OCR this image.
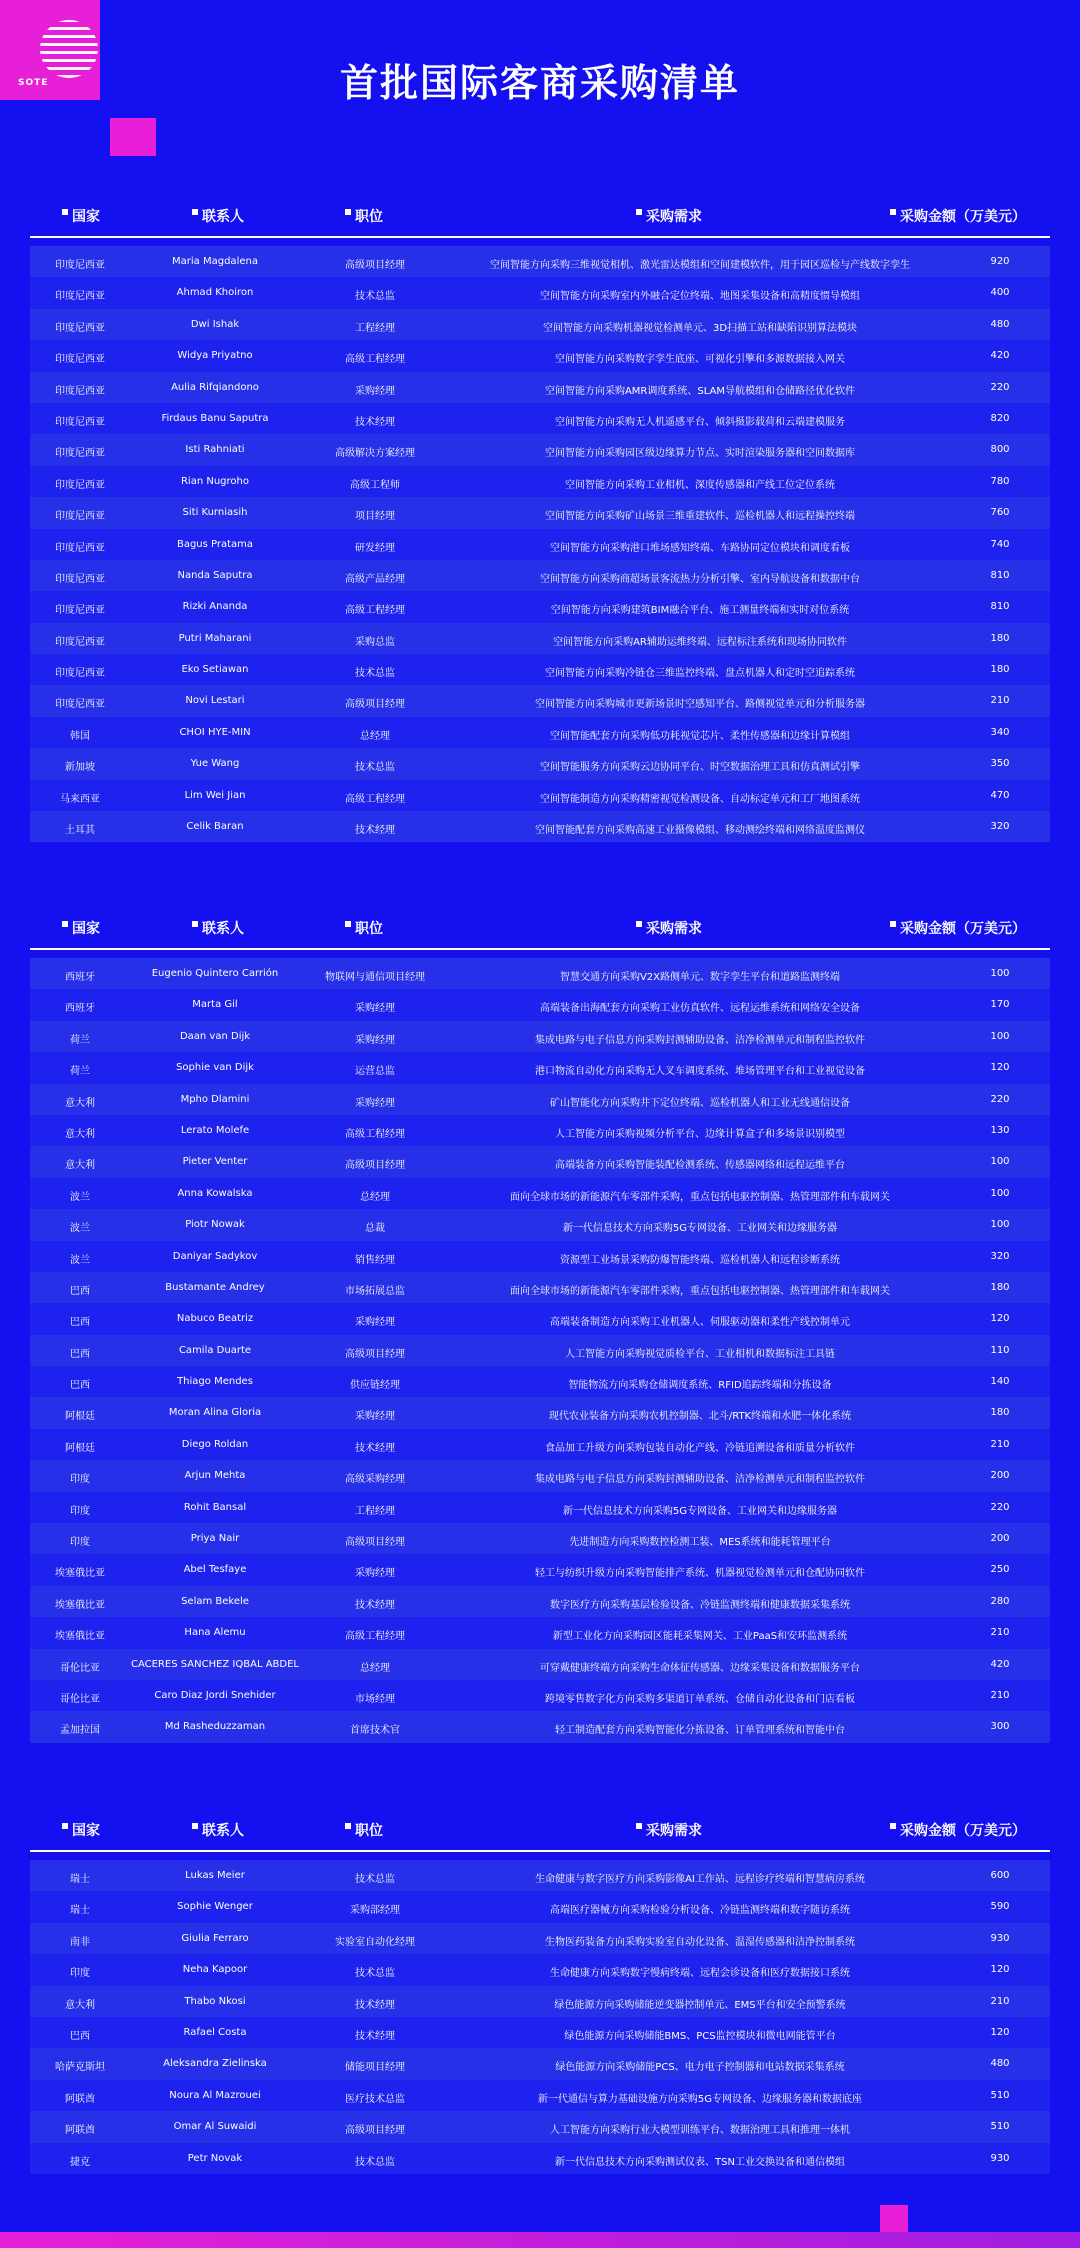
SOTE	首批国际客商采购清单
国家	联系人	职位	采购需求	采购金额（万美元）
印度尼西亚	Maria Magdalena	高级项目经理	空间智能方向采购三维视觉相机、激光雷达模组和空间建模软件，用于园区巡检与产线数字孪生	920
印度尼西亚	Ahmad Khoiron	技术总监	空间智能方向采购室内外融合定位终端、地图采集设备和高精度惯导模组	400
印度尼西亚	Dwi Ishak	工程经理	空间智能方向采购机器视觉检测单元、3D扫描工站和缺陷识别算法模块	480
印度尼西亚	Widya Priyatno	高级工程经理	空间智能方向采购数字孪生底座、可视化引擎和多源数据接入网关	420
印度尼西亚	Aulia Rifqiandono	采购经理	空间智能方向采购AMR调度系统、SLAM导航模组和仓储路径优化软件	220
印度尼西亚	Firdaus Banu Saputra	技术经理	空间智能方向采购无人机遥感平台、倾斜摄影载荷和云端建模服务	820
印度尼西亚	Isti Rahniati	高级解决方案经理	空间智能方向采购园区级边缘算力节点、实时渲染服务器和空间数据库	800
印度尼西亚	Rian Nugroho	高级工程师	空间智能方向采购工业相机、深度传感器和产线工位定位系统	780
印度尼西亚	Siti Kurniasih	项目经理	空间智能方向采购矿山场景三维重建软件、巡检机器人和远程操控终端	760
印度尼西亚	Bagus Pratama	研发经理	空间智能方向采购港口堆场感知终端、车路协同定位模块和调度看板	740
印度尼西亚	Nanda Saputra	高级产品经理	空间智能方向采购商超场景客流热力分析引擎、室内导航设备和数据中台	810
印度尼西亚	Rizki Ananda	高级工程经理	空间智能方向采购建筑BIM融合平台、施工测量终端和实时对位系统	810
印度尼西亚	Putri Maharani	采购总监	空间智能方向采购AR辅助运维终端、远程标注系统和现场协同软件	180
印度尼西亚	Eko Setiawan	技术总监	空间智能方向采购冷链仓三维监控终端、盘点机器人和定时空追踪系统	180
印度尼西亚	Novi Lestari	高级项目经理	空间智能方向采购城市更新场景时空感知平台、路侧视觉单元和分析服务器	210
韩国	CHOI HYE-MIN	总经理	空间智能配套方向采购低功耗视觉芯片、柔性传感器和边缘计算模组	340
新加坡	Yue Wang	技术总监	空间智能服务方向采购云边协同平台、时空数据治理工具和仿真测试引擎	350
马来西亚	Lim Wei Jian	高级工程经理	空间智能制造方向采购精密视觉检测设备、自动标定单元和工厂地图系统	470
土耳其	Celik Baran	技术经理	空间智能配套方向采购高速工业摄像模组、移动测绘终端和网络温度监测仪	320
国家	联系人	职位	采购需求	采购金额（万美元）
西班牙	Eugenio Quintero Carrión	物联网与通信项目经理	智慧交通方向采购V2X路侧单元、数字孪生平台和道路监测终端	100
西班牙	Marta Gil	采购经理	高端装备出海配套方向采购工业仿真软件、远程运维系统和网络安全设备	170
荷兰	Daan van Dijk	采购经理	集成电路与电子信息方向采购封测辅助设备、洁净检测单元和制程监控软件	100
荷兰	Sophie van Dijk	运营总监	港口物流自动化方向采购无人叉车调度系统、堆场管理平台和工业视觉设备	120
意大利	Mpho Dlamini	采购经理	矿山智能化方向采购井下定位终端、巡检机器人和工业无线通信设备	220
意大利	Lerato Molefe	高级工程经理	人工智能方向采购视频分析平台、边缘计算盒子和多场景识别模型	130
意大利	Pieter Venter	高级项目经理	高端装备方向采购智能装配检测系统、传感器网络和远程运维平台	100
波兰	Anna Kowalska	总经理	面向全球市场的新能源汽车零部件采购，重点包括电驱控制器、热管理部件和车载网关	100
波兰	Piotr Nowak	总裁	新一代信息技术方向采购5G专网设备、工业网关和边缘服务器	100
波兰	Daniyar Sadykov	销售经理	资源型工业场景采购防爆智能终端、巡检机器人和远程诊断系统	320
巴西	Bustamante Andrey	市场拓展总监	面向全球市场的新能源汽车零部件采购，重点包括电驱控制器、热管理部件和车载网关	180
巴西	Nabuco Beatriz	采购经理	高端装备制造方向采购工业机器人、伺服驱动器和柔性产线控制单元	120
巴西	Camila Duarte	高级项目经理	人工智能方向采购视觉质检平台、工业相机和数据标注工具链	110
巴西	Thiago Mendes	供应链经理	智能物流方向采购仓储调度系统、RFID追踪终端和分拣设备	140
阿根廷	Moran Alina Gloria	采购经理	现代农业装备方向采购农机控制器、北斗/RTK终端和水肥一体化系统	180
阿根廷	Diego Roldan	技术经理	食品加工升级方向采购包装自动化产线、冷链追溯设备和质量分析软件	210
印度	Arjun Mehta	高级采购经理	集成电路与电子信息方向采购封测辅助设备、洁净检测单元和制程监控软件	200
印度	Rohit Bansal	工程经理	新一代信息技术方向采购5G专网设备、工业网关和边缘服务器	220
印度	Priya Nair	高级项目经理	先进制造方向采购数控检测工装、MES系统和能耗管理平台	200
埃塞俄比亚	Abel Tesfaye	采购经理	轻工与纺织升级方向采购智能排产系统、机器视觉检测单元和仓配协同软件	250
埃塞俄比亚	Selam Bekele	技术经理	数字医疗方向采购基层检验设备、冷链监测终端和健康数据采集系统	280
埃塞俄比亚	Hana Alemu	高级工程经理	新型工业化方向采购园区能耗采集网关、工业PaaS和安环监测系统	210
哥伦比亚	CACERES SANCHEZ IQBAL ABDEL	总经理	可穿戴健康终端方向采购生命体征传感器、边缘采集设备和数据服务平台	420
哥伦比亚	Caro Diaz Jordi Snehider	市场经理	跨境零售数字化方向采购多渠道订单系统、仓储自动化设备和门店看板	210
孟加拉国	Md Rasheduzzaman	首席技术官	轻工制造配套方向采购智能化分拣设备、订单管理系统和智能中台	300
国家	联系人	职位	采购需求	采购金额（万美元）
瑞士	Lukas Meier	技术总监	生命健康与数字医疗方向采购影像AI工作站、远程诊疗终端和智慧病房系统	600
瑞士	Sophie Wenger	采购部经理	高端医疗器械方向采购检验分析设备、冷链监测终端和数字随访系统	590
南非	Giulia Ferraro	实验室自动化经理	生物医药装备方向采购实验室自动化设备、温湿传感器和洁净控制系统	930
印度	Neha Kapoor	技术总监	生命健康方向采购数字慢病终端、远程会诊设备和医疗数据接口系统	120
意大利	Thabo Nkosi	技术经理	绿色能源方向采购储能逆变器控制单元、EMS平台和安全预警系统	210
巴西	Rafael Costa	技术经理	绿色能源方向采购储能BMS、PCS监控模块和微电网能管平台	120
哈萨克斯坦	Aleksandra Zielinska	储能项目经理	绿色能源方向采购储能PCS、电力电子控制器和电站数据采集系统	480
阿联酋	Noura Al Mazrouei	医疗技术总监	新一代通信与算力基础设施方向采购5G专网设备、边缘服务器和数据底座	510
阿联酋	Omar Al Suwaidi	高级项目经理	人工智能方向采购行业大模型训练平台、数据治理工具和推理一体机	510
捷克	Petr Novak	技术总监	新一代信息技术方向采购测试仪表、TSN工业交换设备和通信模组	930
